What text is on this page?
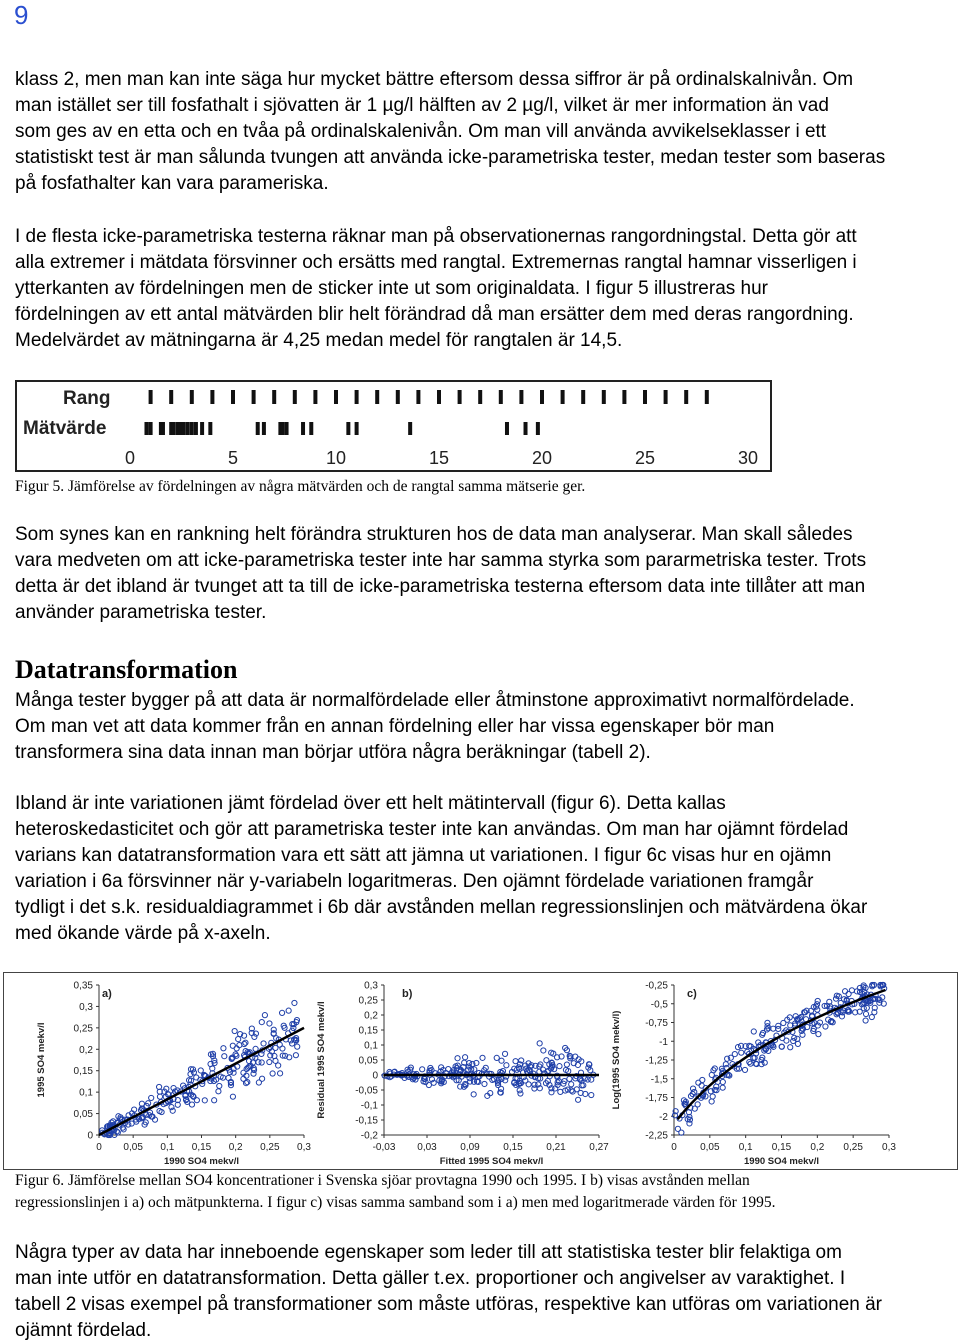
9
klass 2, men man kan inte säga hur mycket bättre eftersom dessa siffror är på ordinalskalnivån. Om
man istället ser till fosfathalt i sjövatten är 1 µg/l hälften av 2 µg/l, vilket är mer information än vad
som ges av en etta och en tvåa på ordinalskalenivån. Om man vill använda avvikelseklasser i ett
statistiskt test är man sålunda tvungen att använda icke-parametriska tester, medan tester som baseras
på fosfathalter kan vara parameriska.
I de flesta icke-parametriska testerna räknar man på observationernas rangordningstal. Detta gör att
alla extremer i mätdata försvinner och ersätts med rangtal. Extremernas rangtal hamnar visserligen i
ytterkanten av fördelningen men de sticker inte ut som originaldata. I figur 5 illustreras hur
fördelningen av ett antal mätvärden blir helt förändrad då man ersätter dem med deras rangordning.
Medelvärdet av mätningarna är 4,25 medan medel för rangtalen är 14,5.
Rang
Mätvärde
0	5	10	15	20	25	30
Figur 5. Jämförelse av fördelningen av några mätvärden och de rangtal samma mätserie ger.
Som synes kan en rankning helt förändra strukturen hos de data man analyserar. Man skall således
vara medveten om att icke-parametriska tester inte har samma styrka som pararmetriska tester. Trots
detta är det ibland är tvunget att ta till de icke-parametriska testerna eftersom data inte tillåter att man
använder parametriska tester.
Datatransformation
Många tester bygger på att data är normalfördelade eller åtminstone approximativt normalfördelade.
Om man vet att data kommer från en annan fördelning eller har vissa egenskaper bör man
transformera sina data innan man börjar utföra några beräkningar (tabell 2).
Ibland är inte variationen jämt fördelad över ett helt mätintervall (figur 6). Detta kallas
heteroskedasticitet och gör att parametriska tester inte kan användas. Om man har ojämnt fördelad
varians kan datatransformation vara ett sätt att jämna ut variationen. I figur 6c visas hur en ojämn
variation i 6a försvinner när y-variabeln logaritmeras. Den ojämnt fördelade variationen framgår
tydligt i det s.k. residualdiagrammet i 6b där avstånden mellan regressionslinjen och mätvärdena ökar
med ökande värde på x-axeln.
0,35
0,3
0,25
0,2
0,15
0,1
0,05
0
0 0,05 0,1 0,15 0,2 0,25 0,3
a)
1990 SO4 mekv/l
1995 SO4 mekv/l
0,3
0,25
0,2
0,15
0,1
0,05
0
-0,05
-0,1
-0,15
-0,2
-0,03 0,03 0,09 0,15 0,21 0,27
b)
Fitted 1995 SO4 mekv/l
Residual 1995 SO4 mekv/l
-0,25
-0,5
-0,75
-1
-1,25
-1,5
-1,75
-2
-2,25
0 0,05 0,1 0,15 0,2 0,25 0,3
c)
1990 SO4 mekv/l
Log(1995 SO4 mekv/l)
Figur 6. Jämförelse mellan SO4 koncentrationer i Svenska sjöar provtagna 1990 och 1995. I b) visas avstånden mellan
regressionslinjen i a) och mätpunkterna. I figur c) visas samma samband som i a) men med logaritmerade värden för 1995.
Några typer av data har inneboende egenskaper som leder till att statistiska tester blir felaktiga om
man inte utför en datatransformation. Detta gäller t.ex. proportioner och angivelser av varaktighet. I
tabell 2 visas exempel på transformationer som måste utföras, respektive kan utföras om variationen är
ojämnt fördelad.
